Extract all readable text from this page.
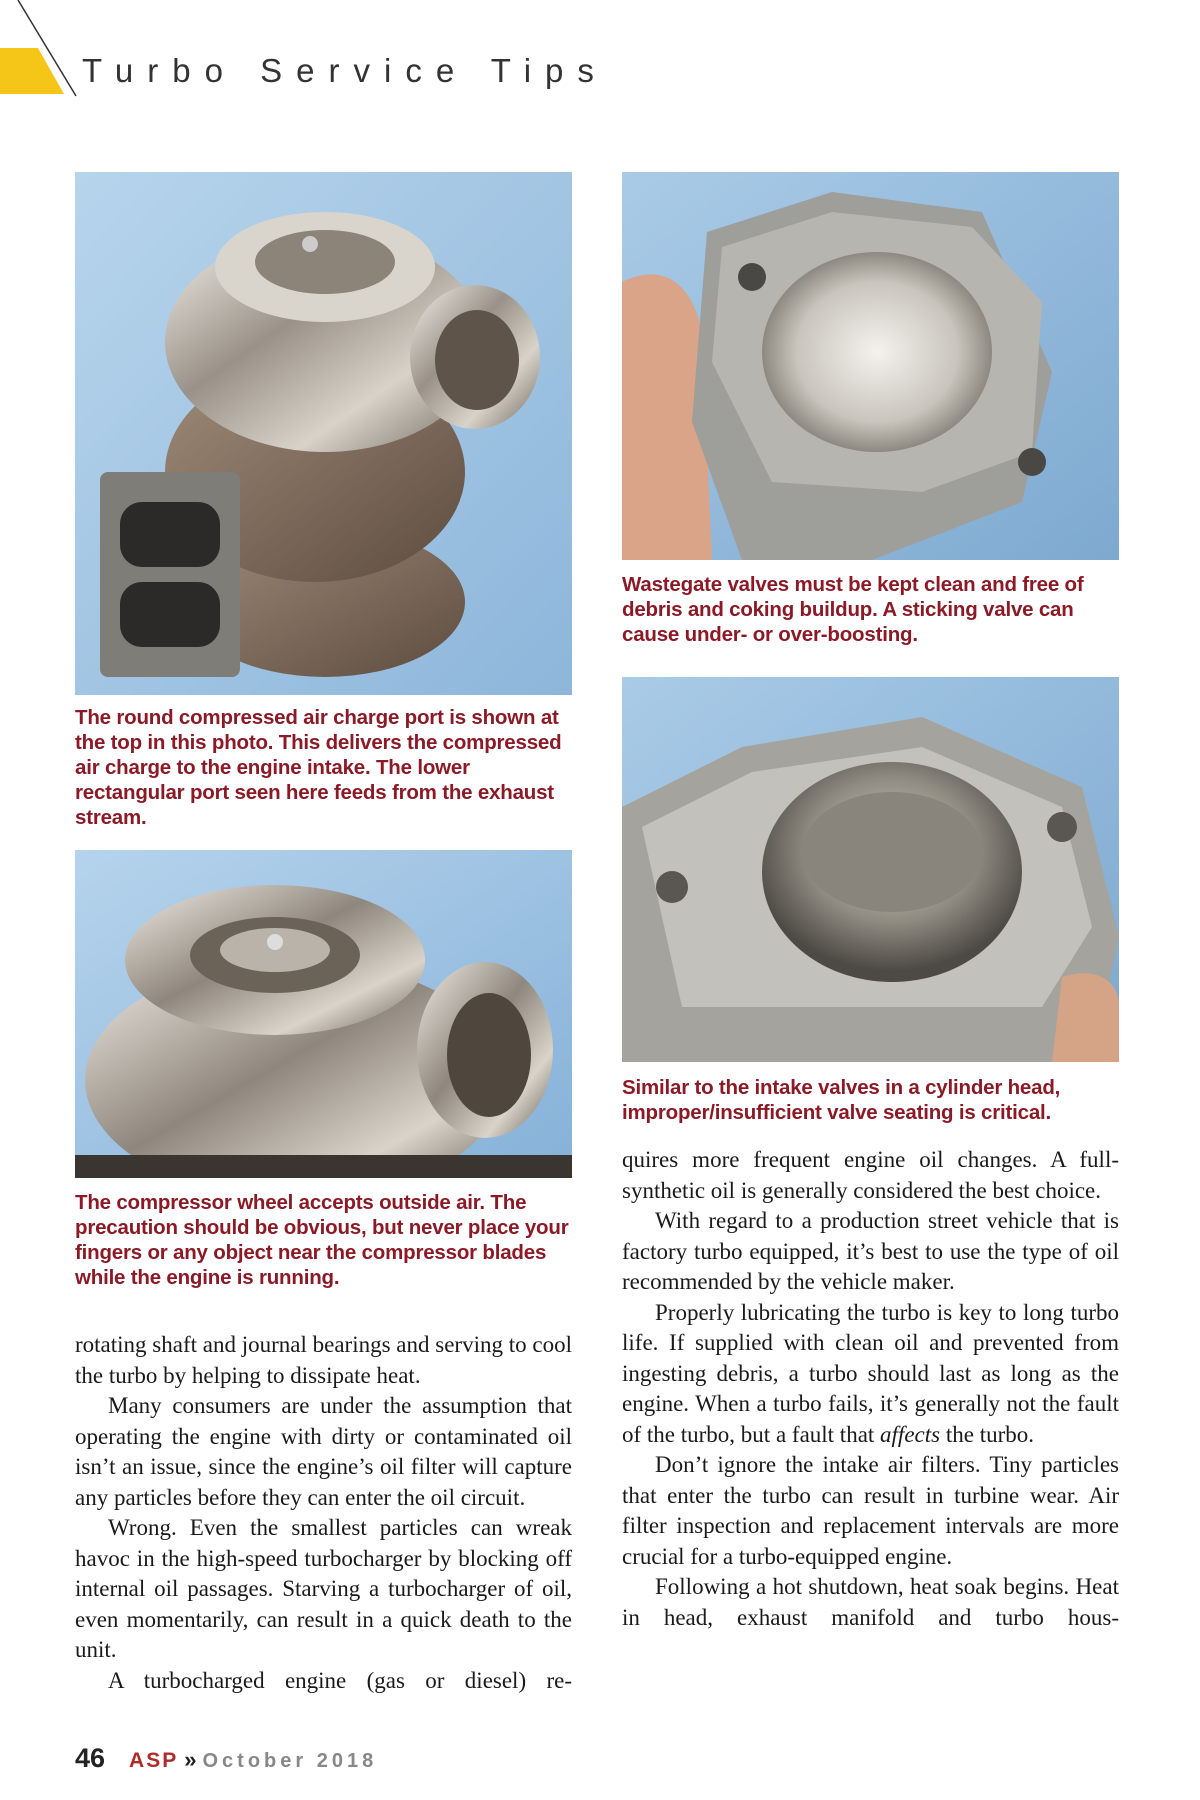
Turbo Service Tips
The round compressed air charge port is shown at the top in this photo. This delivers the compressed air charge to the engine intake. The lower rectangular port seen here feeds from the exhaust stream.
Wastegate valves must be kept clean and free of debris and coking buildup. A sticking valve can cause under- or over-boosting.
The compressor wheel accepts outside air. The precaution should be obvious, but never place your fingers or any object near the compressor blades while the engine is running.
Similar to the intake valves in a cylinder head, improper/insufficient valve seating is critical.

rotating shaft and journal bearings and serving to cool the turbo by helping to dissipate heat.

Many consumers are under the assumption that operating the engine with dirty or contaminated oil isn’t an issue, since the engine’s oil filter will capture any particles before they can enter the oil circuit.

Wrong. Even the smallest particles can wreak havoc in the high-speed turbocharger by blocking off internal oil passages. Starving a turbocharger of oil, even momentarily, can result in a quick death to the unit.

A turbocharged engine (gas or diesel) re-

quires more frequent engine oil changes. A full-synthetic oil is generally considered the best choice.

With regard to a production street vehicle that is factory turbo equipped, it’s best to use the type of oil recommended by the vehicle maker.

Properly lubricating the turbo is key to long turbo life. If supplied with clean oil and prevented from ingesting debris, a turbo should last as long as the engine. When a turbo fails, it’s generally not the fault of the turbo, but a fault that affects the turbo.

Don’t ignore the intake air filters. Tiny particles that enter the turbo can result in turbine wear. Air filter inspection and replacement intervals are more crucial for a turbo-equipped engine.

Following a hot shutdown, heat soak begins. Heat in head, exhaust manifold and turbo hous-

46 ASP » October 2018
